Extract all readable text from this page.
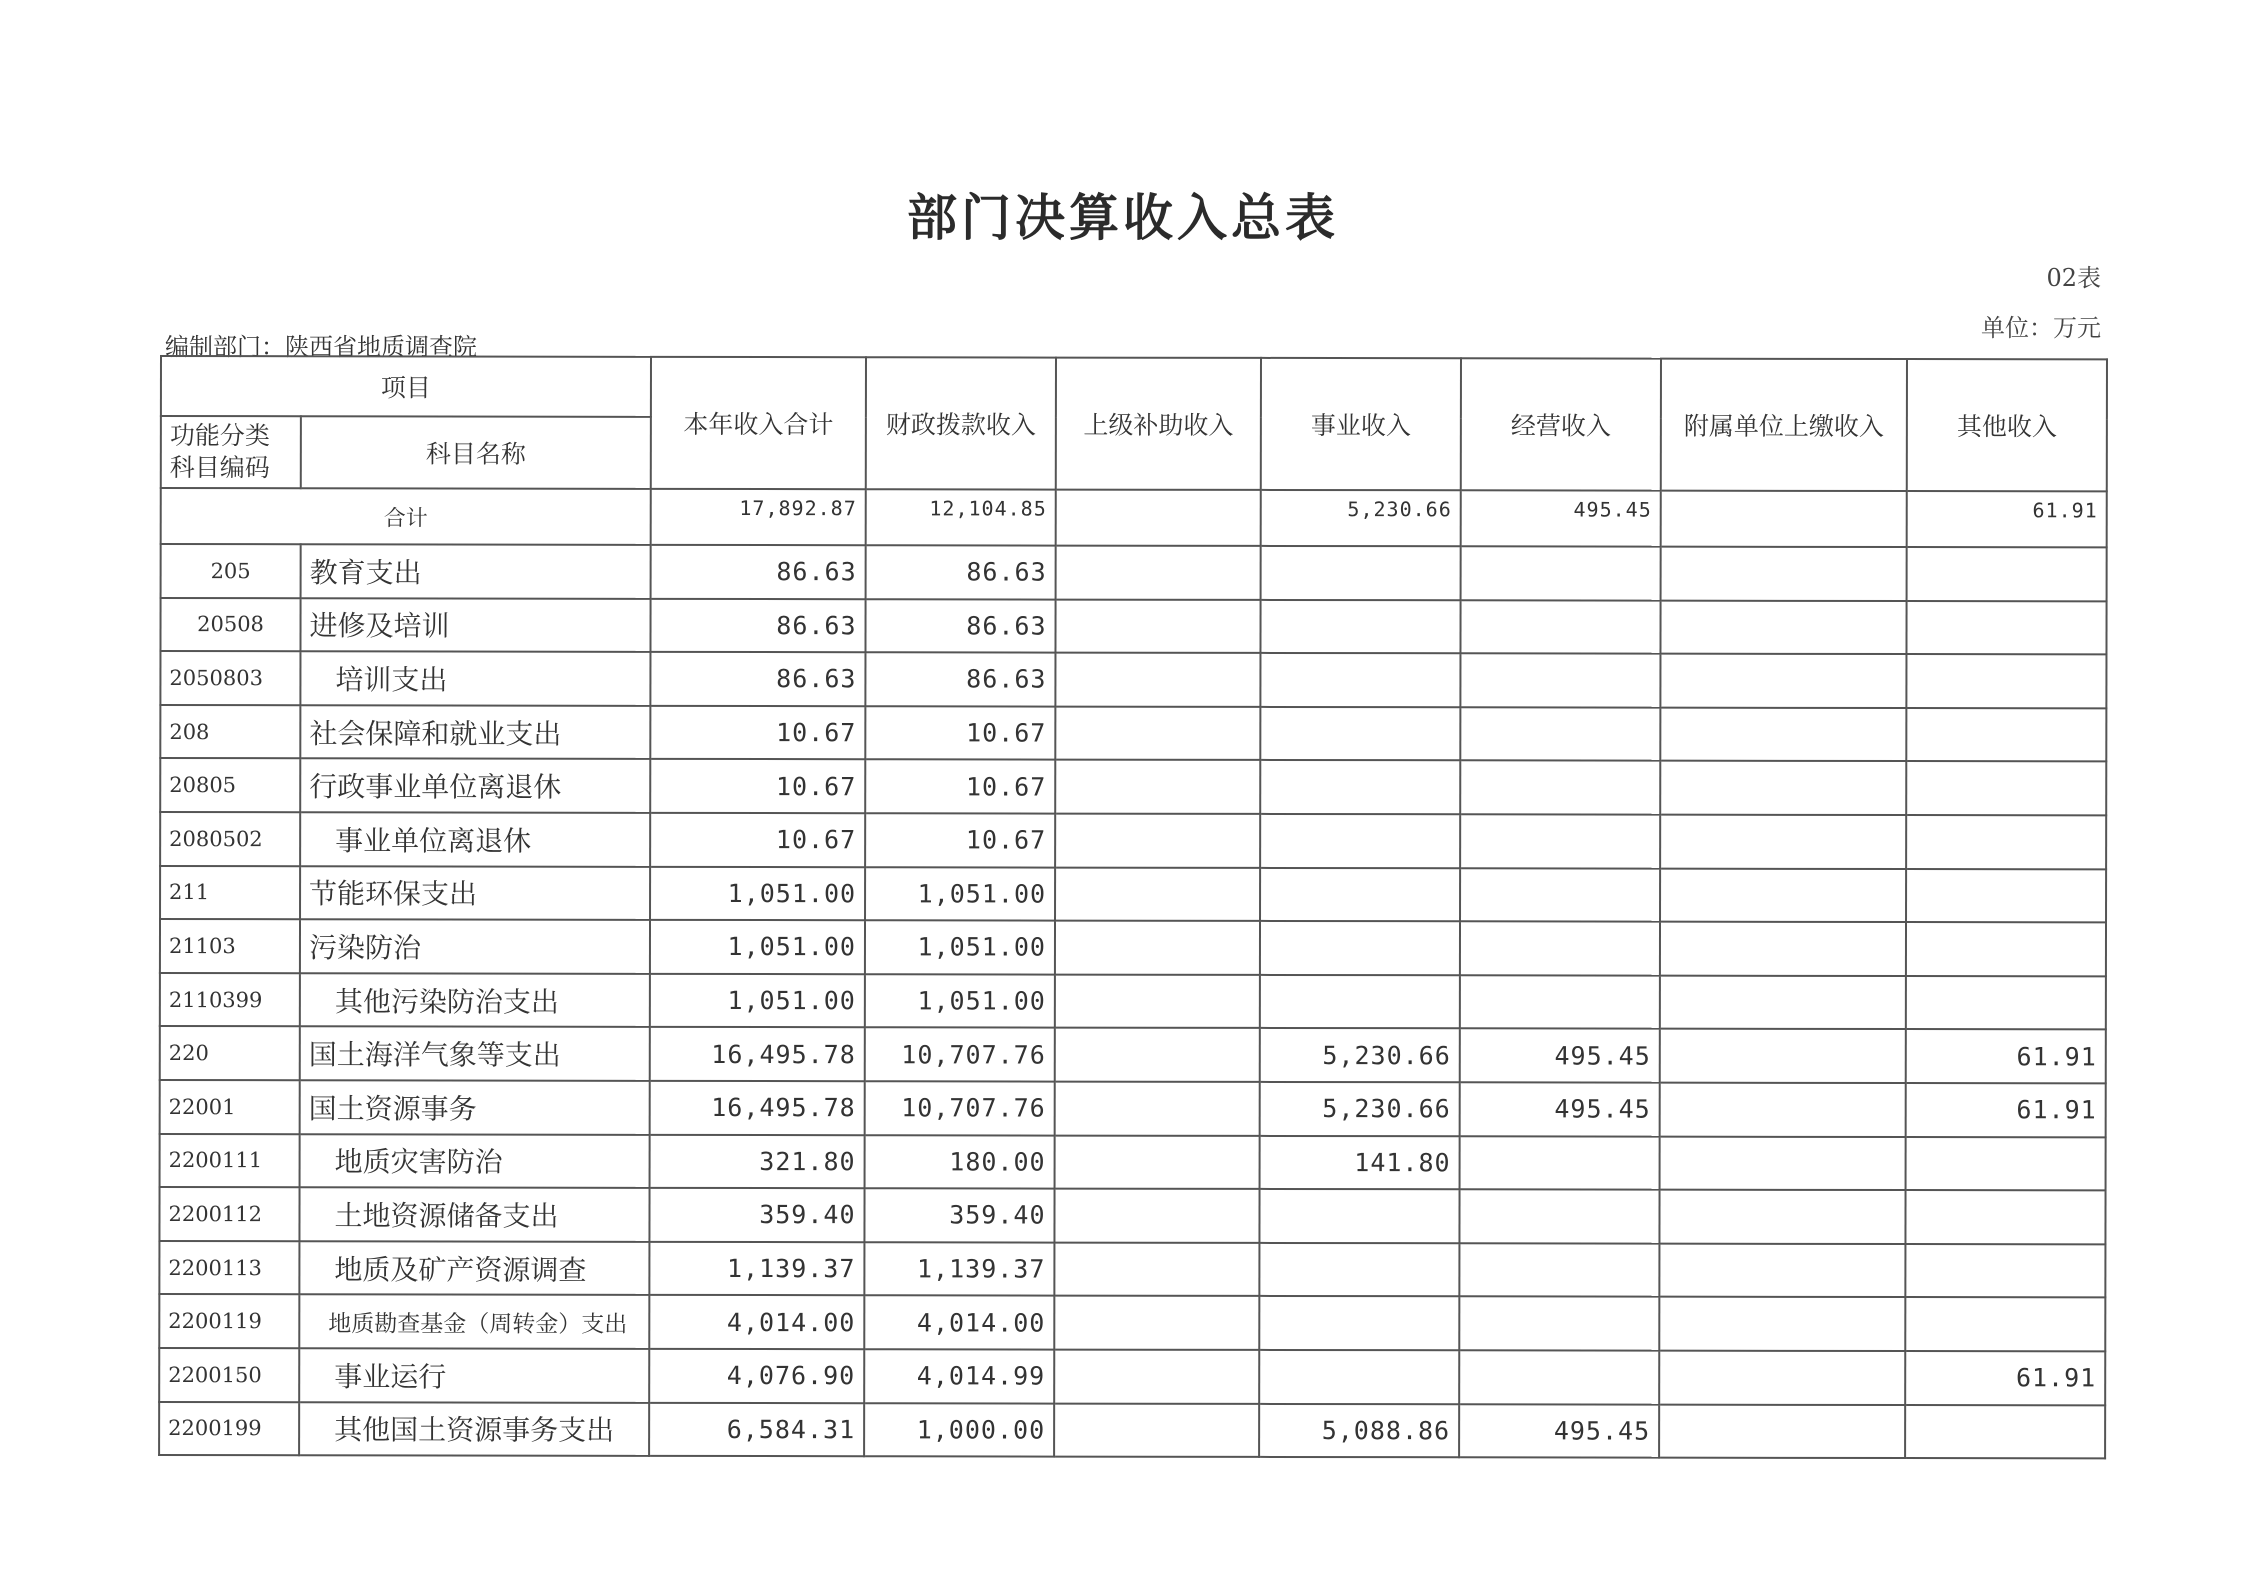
部门决算收入总表
02表
单位：万元
编制部门：陕西省地质调查院
项目		本年收入合计	财政拨款收入	上级补助收入	事业收入	经营收入	附属单位上缴收入	其他收入
功能分类
科目编码	科目名称							
合计		17,892.87	12,104.85		5,230.66	495.45		61.91
205	教育支出	86.63	86.63					
20508	进修及培训	86.63	86.63					
2050803	培训支出	86.63	86.63					
208	社会保障和就业支出	10.67	10.67					
20805	行政事业单位离退休	10.67	10.67					
2080502	事业单位离退休	10.67	10.67					
211	节能环保支出	1,051.00	1,051.00					
21103	污染防治	1,051.00	1,051.00					
2110399	其他污染防治支出	1,051.00	1,051.00					
220	国土海洋气象等支出	16,495.78	10,707.76		5,230.66	495.45		61.91
22001	国土资源事务	16,495.78	10,707.76		5,230.66	495.45		61.91
2200111	地质灾害防治	321.80	180.00		141.80			
2200112	土地资源储备支出	359.40	359.40					
2200113	地质及矿产资源调查	1,139.37	1,139.37					
2200119	地质勘查基金（周转金）支出	4,014.00	4,014.00					
2200150	事业运行	4,076.90	4,014.99					61.91
2200199	其他国土资源事务支出	6,584.31	1,000.00		5,088.86	495.45		
